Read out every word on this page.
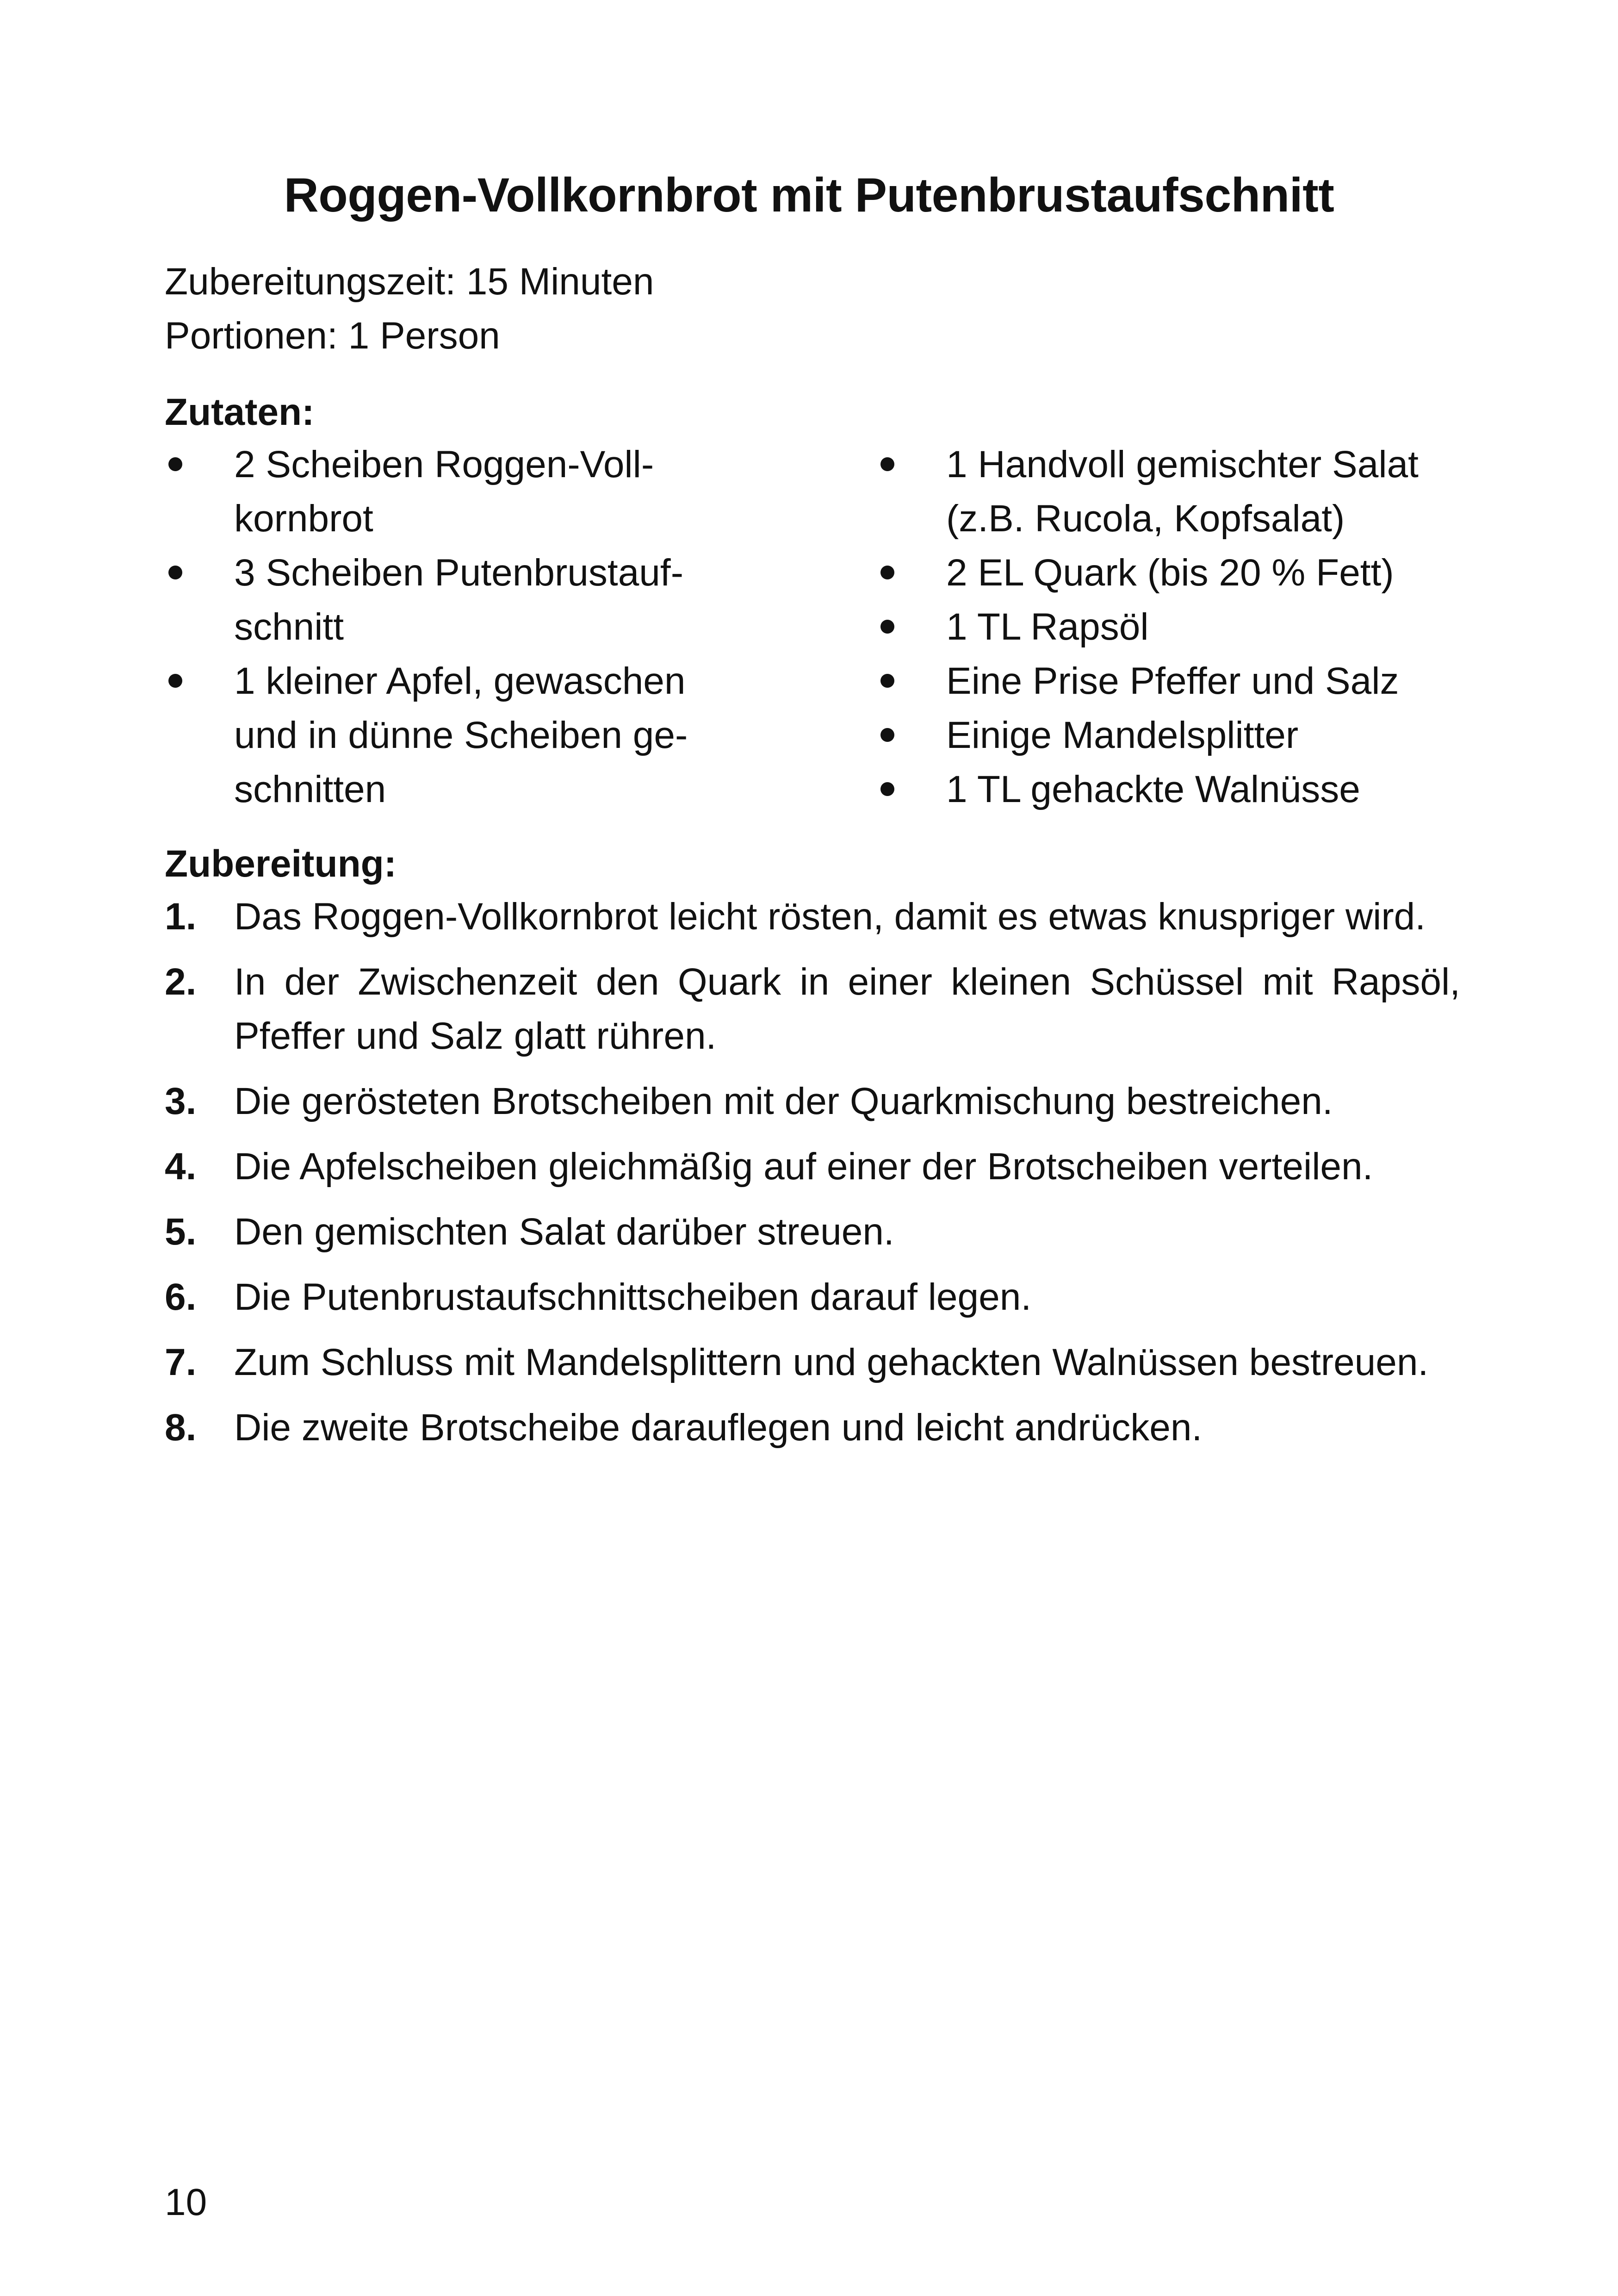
Roggen-Vollkornbrot mit Putenbrustaufschnitt
Zubereitungszeit: 15 Minuten
Portionen: 1 Person
Zutaten:
2 Scheiben Roggen-Vollkornbrot
3 Scheiben Putenbrustaufschnitt
1 kleiner Apfel, gewaschen und in dünne Scheiben geschnitten
1 Handvoll gemischter Salat (z.B. Rucola, Kopfsalat)
2 EL Quark (bis 20 % Fett)
1 TL Rapsöl
Eine Prise Pfeffer und Salz
Einige Mandelsplitter
1 TL gehackte Walnüsse
Zubereitung:
1. Das Roggen-Vollkornbrot leicht rösten, damit es etwas knuspriger wird.
2. In der Zwischenzeit den Quark in einer kleinen Schüssel mit Rapsöl, Pfeffer und Salz glatt rühren.
3. Die gerösteten Brotscheiben mit der Quarkmischung bestreichen.
4. Die Apfelscheiben gleichmäßig auf einer der Brotscheiben verteilen.
5. Den gemischten Salat darüber streuen.
6. Die Putenbrustaufschnittscheiben darauf legen.
7. Zum Schluss mit Mandelsplittern und gehackten Walnüssen bestreuen.
8. Die zweite Brotscheibe darauflegen und leicht andrücken.
10
